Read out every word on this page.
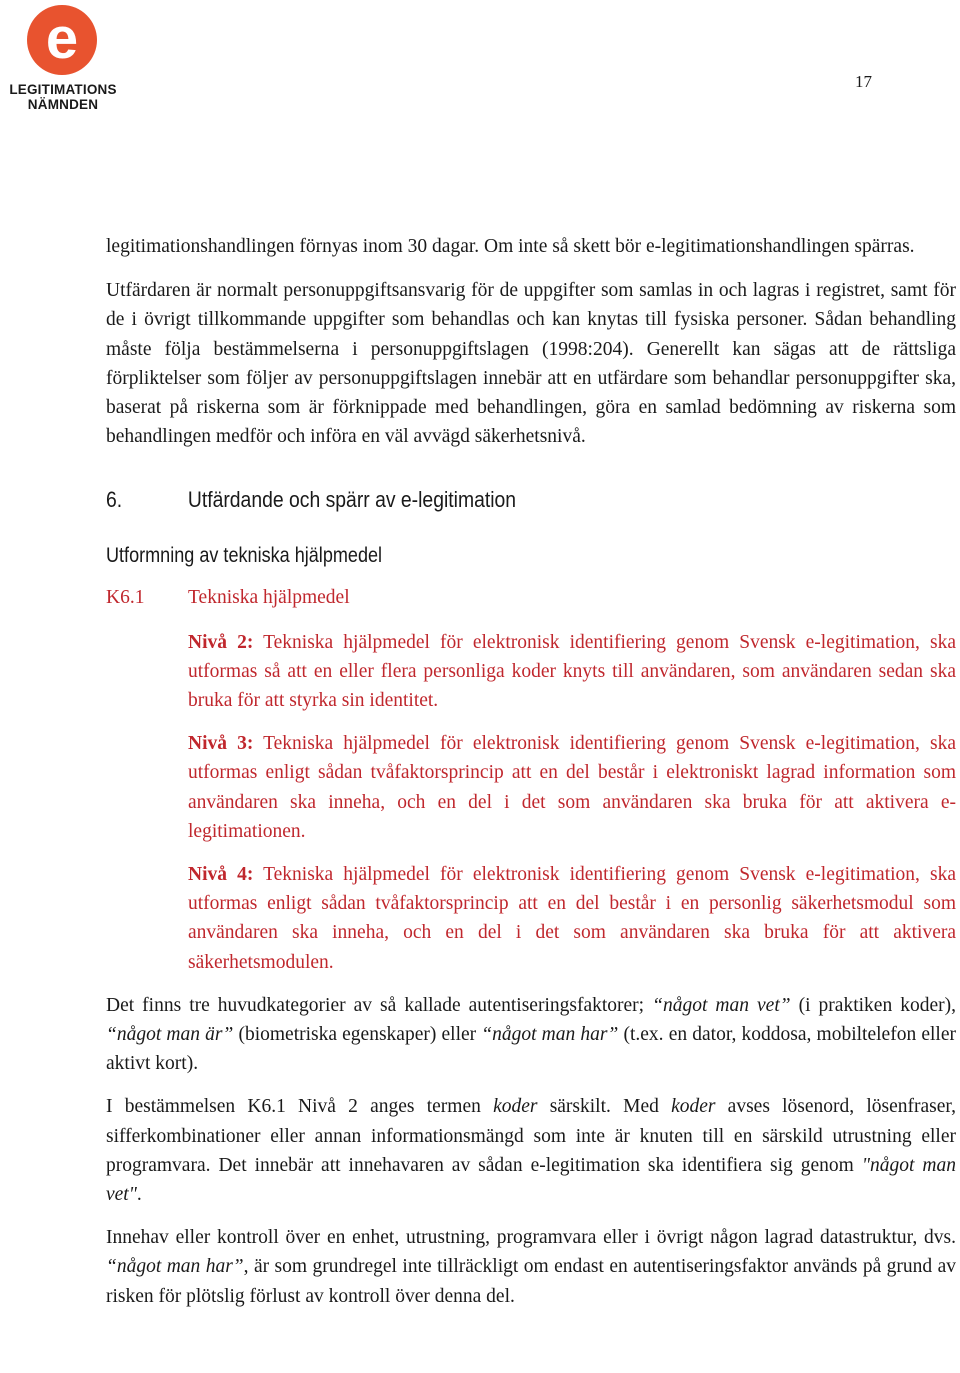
e
LEGITIMATIONS
NÄMNDEN
17

legitimationshandlingen förnyas inom 30 dagar. Om inte så skett bör e-legitimationshandlingen spärras.

Utfärdaren är normalt personuppgiftsansvarig för de uppgifter som samlas in och lagras i registret, samt för de i övrigt tillkommande uppgifter som behandlas och kan knytas till fysiska personer. Sådan behandling måste följa bestämmelserna i personuppgiftslagen (1998:204). Generellt kan sägas att de rättsliga förpliktelser som följer av personuppgiftslagen innebär att en utfärdare som behandlar personuppgifter ska, baserat på riskerna som är förknippade med behandlingen, göra en samlad bedömning av riskerna som behandlingen medför och införa en väl avvägd säkerhetsnivå.

6.	Utfärdande och spärr av e-legitimation
Utformning av tekniska hjälpmedel
K6.1	Tekniska hjälpmedel

Nivå 2: Tekniska hjälpmedel för elektronisk identifiering genom Svensk e-legitimation, ska utformas så att en eller flera personliga koder knyts till användaren, som användaren sedan ska bruka för att styrka sin identitet.

Nivå 3: Tekniska hjälpmedel för elektronisk identifiering genom Svensk e-legitimation, ska utformas enligt sådan tvåfaktorsprincip att en del består i elektroniskt lagrad information som användaren ska inneha, och en del i det som användaren ska bruka för att aktivera e-legitimationen.

Nivå 4: Tekniska hjälpmedel för elektronisk identifiering genom Svensk e-legitimation, ska utformas enligt sådan tvåfaktorsprincip att en del består i en personlig säkerhetsmodul som användaren ska inneha, och en del i det som användaren ska bruka för att aktivera säkerhetsmodulen.

Det finns tre huvudkategorier av så kallade autentiseringsfaktorer; “något man vet” (i praktiken koder), “något man är” (biometriska egenskaper) eller “något man har” (t.ex. en dator, koddosa, mobiltelefon eller aktivt kort).

I bestämmelsen K6.1 Nivå 2 anges termen koder särskilt. Med koder avses lösenord, lösenfraser, sifferkombinationer eller annan informationsmängd som inte är knuten till en särskild utrustning eller programvara. Det innebär att innehavaren av sådan e-legitimation ska identifiera sig genom "något man vet".

Innehav eller kontroll över en enhet, utrustning, programvara eller i övrigt någon lagrad datastruktur, dvs. “något man har”, är som grundregel inte tillräckligt om endast en autentiseringsfaktor används på grund av risken för plötslig förlust av kontroll över denna del.
